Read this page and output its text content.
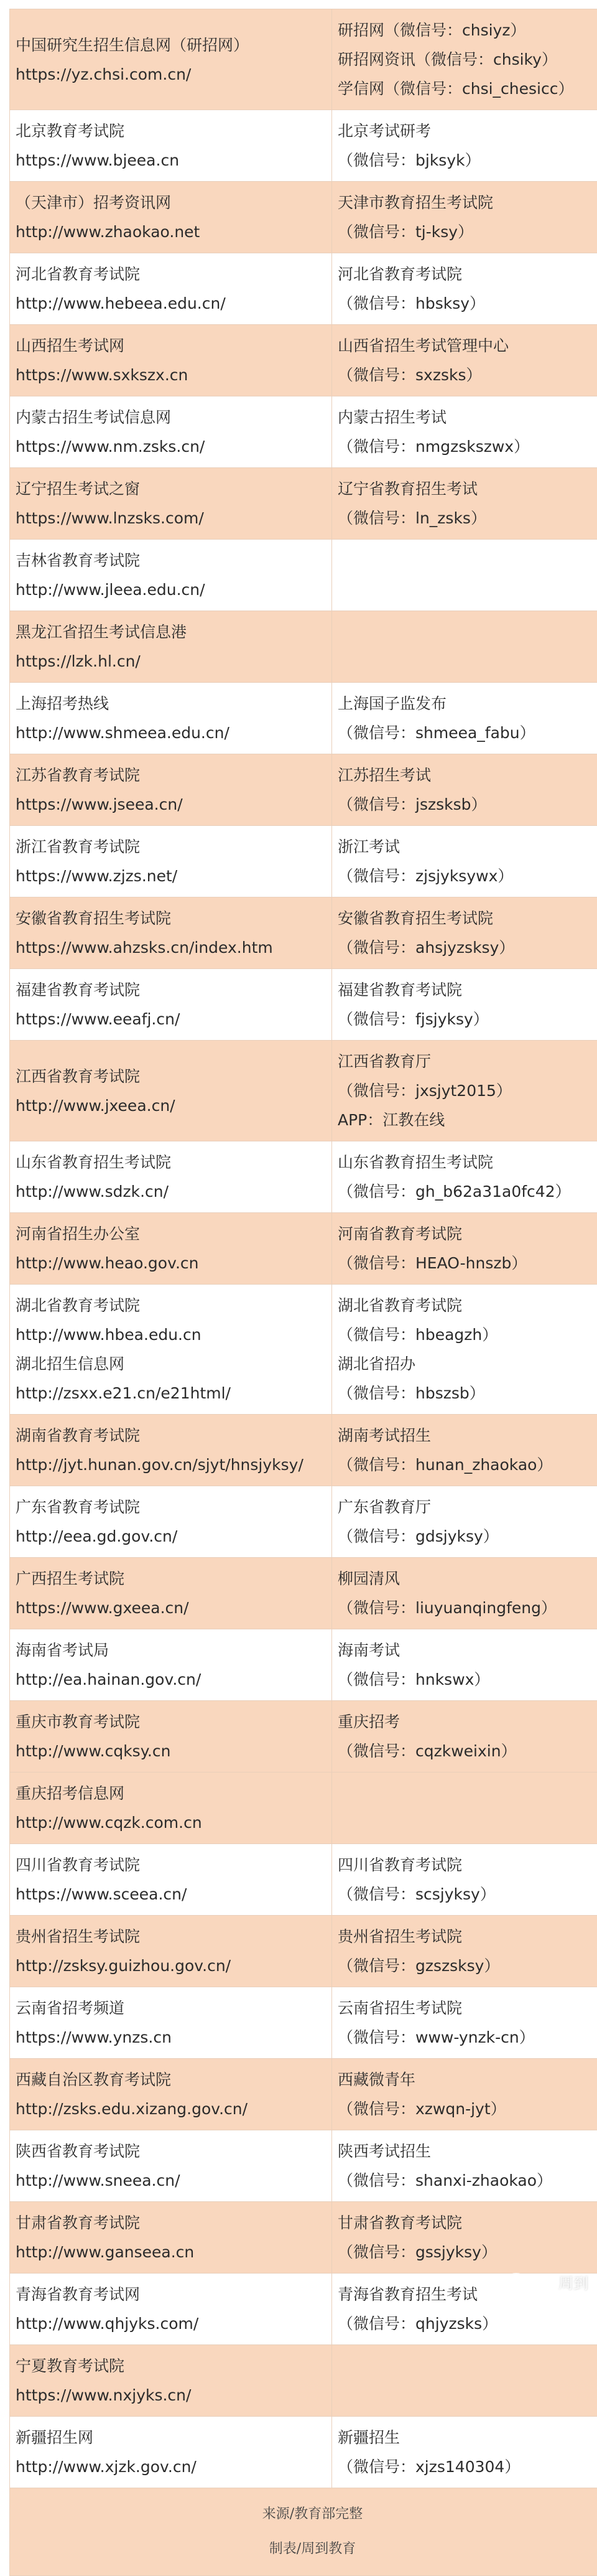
中国研究生招生信息网（研招网）
https://yz.chsi.com.cn/	研招网（微信号：chsiyz）
研招网资讯（微信号：chsiky）
学信网（微信号：chsi_chesicc）

北京教育考试院
https://www.bjeea.cn	北京考试研考
（微信号：bjksyk）

（天津市）招考资讯网
http://www.zhaokao.net	天津市教育招生考试院
（微信号：tj-ksy）

河北省教育考试院
http://www.hebeea.edu.cn/	河北省教育考试院
（微信号：hbsksy）

山西招生考试网
https://www.sxkszx.cn	山西省招生考试管理中心
（微信号：sxzsks）

内蒙古招生考试信息网
https://www.nm.zsks.cn/	内蒙古招生考试
（微信号：nmgzskszwx）

辽宁招生考试之窗
https://www.lnzsks.com/	辽宁省教育招生考试
（微信号：ln_zsks）

吉林省教育考试院
http://www.jleea.edu.cn/	

黑龙江省招生考试信息港
https://lzk.hl.cn/	

上海招考热线
http://www.shmeea.edu.cn/	上海国子监发布
（微信号：shmeea_fabu）

江苏省教育考试院
https://www.jseea.cn/	江苏招生考试
（微信号：jszsksb）

浙江省教育考试院
https://www.zjzs.net/	浙江考试
（微信号：zjsjyksywx）

安徽省教育招生考试院
https://www.ahzsks.cn/index.htm	安徽省教育招生考试院
（微信号：ahsjyzsksy）

福建省教育考试院
https://www.eeafj.cn/	福建省教育考试院
（微信号：fjsjyksy）

江西省教育考试院
http://www.jxeea.cn/	江西省教育厅
（微信号：jxsjyt2015）
APP：江教在线

山东省教育招生考试院
http://www.sdzk.cn/	山东省教育招生考试院
（微信号：gh_b62a31a0fc42）

河南省招生办公室
http://www.heao.gov.cn	河南省教育考试院
（微信号：HEAO-hnszb）

湖北省教育考试院
http://www.hbea.edu.cn
湖北招生信息网
http://zsxx.e21.cn/e21html/	湖北省教育考试院
（微信号：hbeagzh）
湖北省招办
（微信号：hbszsb）

湖南省教育考试院
http://jyt.hunan.gov.cn/sjyt/hnsjyksy/	湖南考试招生
（微信号：hunan_zhaokao）

广东省教育考试院
http://eea.gd.gov.cn/	广东省教育厅
（微信号：gdsjyksy）

广西招生考试院
https://www.gxeea.cn/	柳园清风
（微信号：liuyuanqingfeng）

海南省考试局
http://ea.hainan.gov.cn/	海南考试
（微信号：hnkswx）

重庆市教育考试院
http://www.cqksy.cn	重庆招考
（微信号：cqzkweixin）

重庆招考信息网
http://www.cqzk.com.cn	

四川省教育考试院
https://www.sceea.cn/	四川省教育考试院
（微信号：scsjyksy）

贵州省招生考试院
http://zsksy.guizhou.gov.cn/	贵州省招生考试院
（微信号：gzszsksy）

云南省招考频道
https://www.ynzs.cn	云南省招生考试院
（微信号：www-ynzk-cn）

西藏自治区教育考试院
http://zsks.edu.xizang.gov.cn/	西藏微青年
（微信号：xzwqn-jyt）

陕西省教育考试院
http://www.sneea.cn/	陕西考试招生
（微信号：shanxi-zhaokao）

甘肃省教育考试院
http://www.ganseea.cn	甘肃省教育考试院
（微信号：gssjyksy）

青海省教育考试网
http://www.qhjyks.com/	青海省教育招生考试
（微信号：qhjyzsks）

宁夏教育考试院
https://www.nxjyks.cn/	

新疆招生网
http://www.xjzk.gov.cn/	新疆招生
（微信号：xjzs140304）

来源/教育部完整
制表/周到教育		周到
